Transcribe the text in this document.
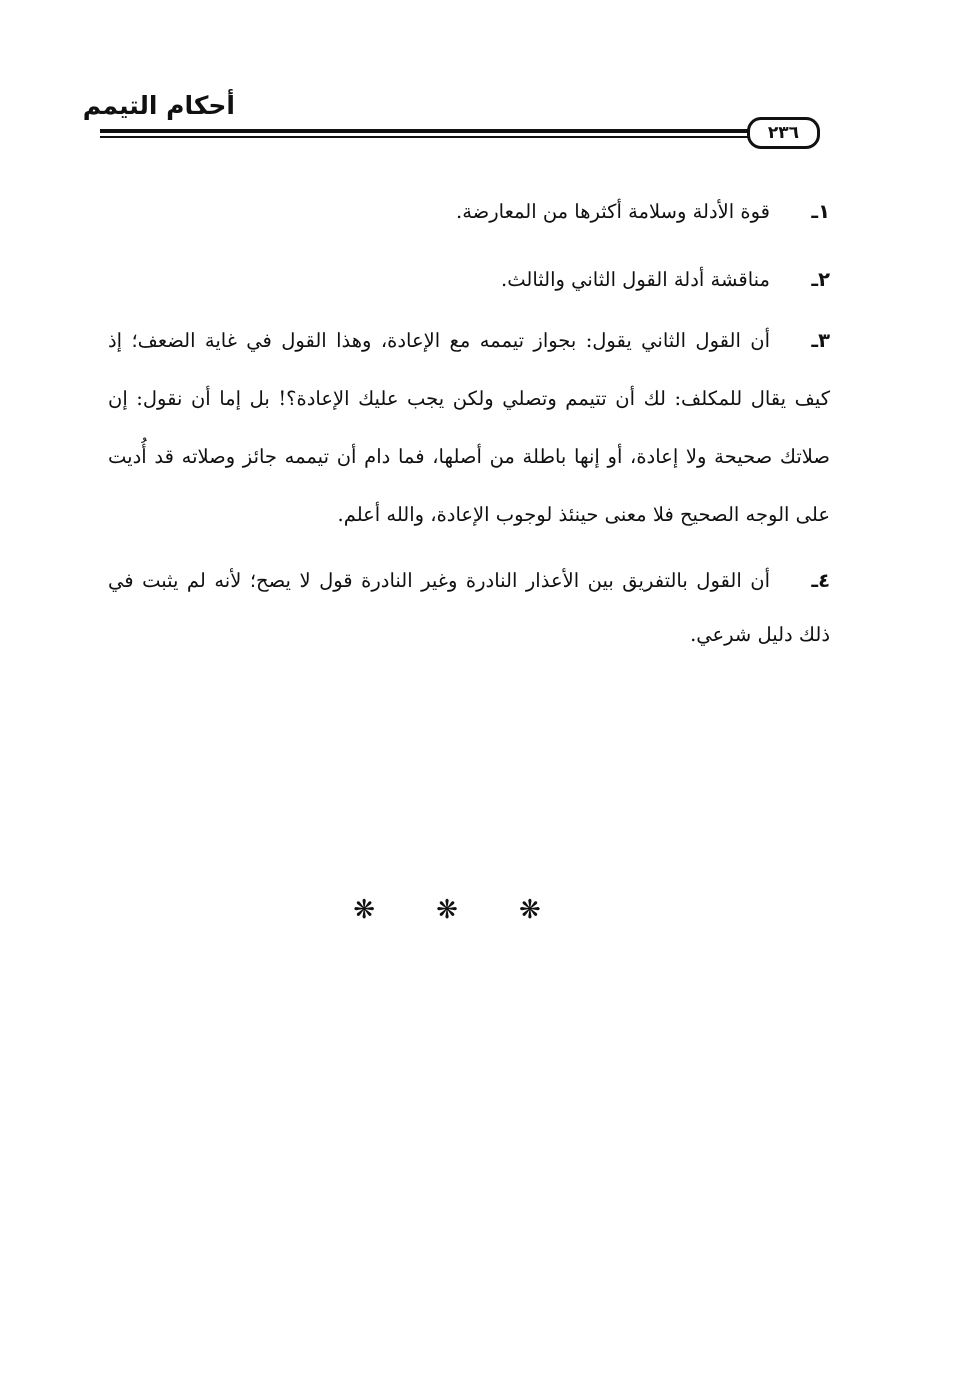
أحكام التيمم
٢٣٦
١ـ

قوة الأدلة وسلامة أكثرها من المعارضة.

٢ـ

مناقشة أدلة القول الثاني والثالث.

٣ـ

أن القول الثاني يقول: بجواز تيممه مع الإعادة، وهذا القول في غاية الضعف؛ إذ كيف يقال للمكلف: لك أن تتيمم وتصلي ولكن يجب عليك الإعادة؟! بل إما أن نقول: إن صلاتك صحيحة ولا إعادة، أو إنها باطلة من أصلها، فما دام أن تيممه جائز وصلاته قد أُديت على الوجه الصحيح فلا معنى حينئذ لوجوب الإعادة، والله أعلم.

٤ـ

أن القول بالتفريق بين الأعذار النادرة وغير النادرة قول لا يصح؛ لأنه لم يثبت في ذلك دليل شرعي.

❋ ❋ ❋
